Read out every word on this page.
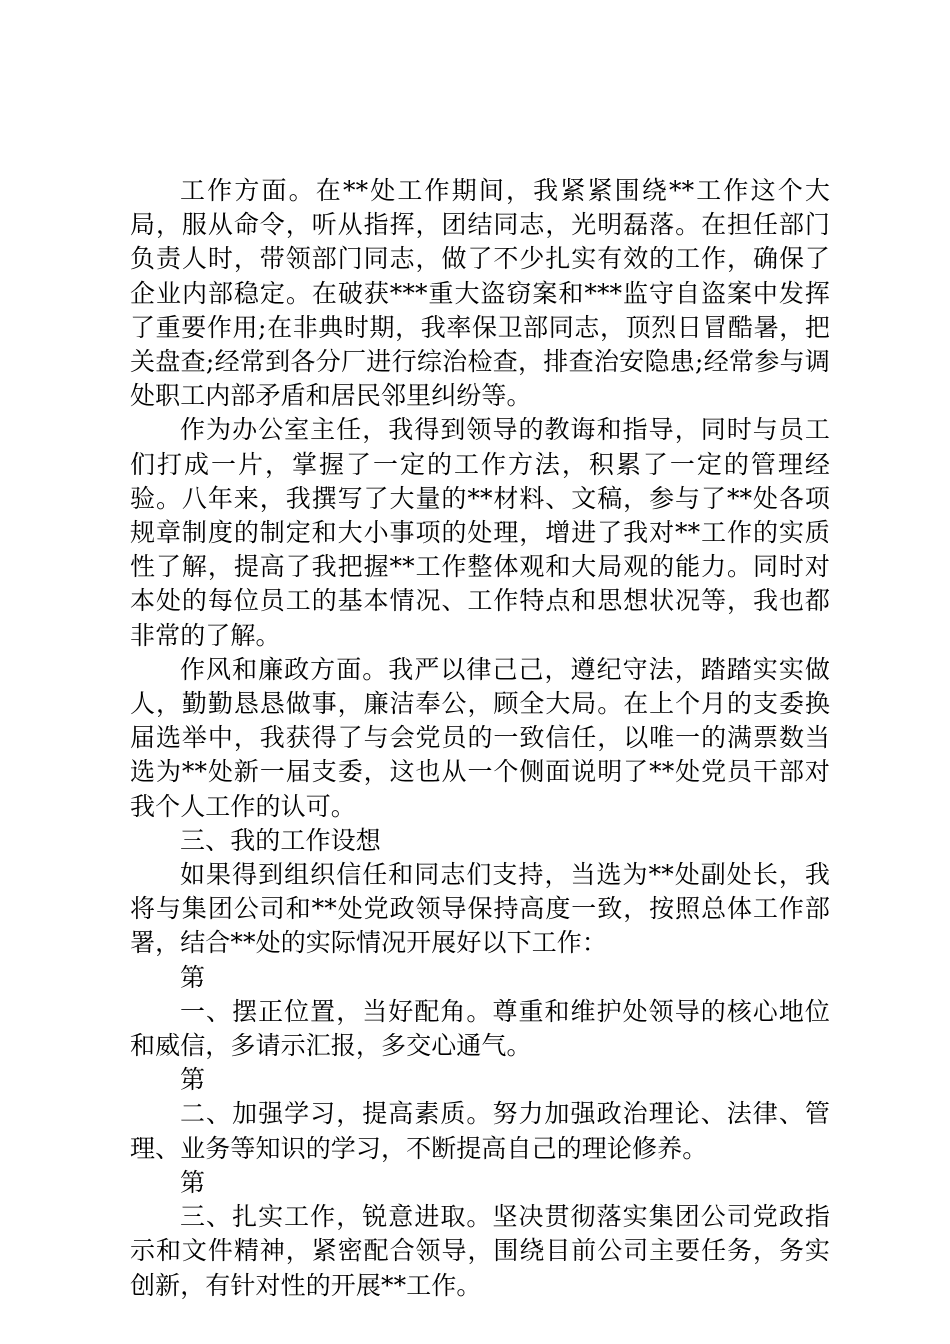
工作方面。在**处工作期间，我紧紧围绕**工作这个大局，服从命令，听从指挥，团结同志，光明磊落。在担任部门负责人时，带领部门同志，做了不少扎实有效的工作，确保了企业内部稳定。在破获***重大盗窃案和***监守自盗案中发挥了重要作用;在非典时期，我率保卫部同志，顶烈日冒酷暑，把关盘查;经常到各分厂进行综治检查，排查治安隐患;经常参与调处职工内部矛盾和居民邻里纠纷等。

作为办公室主任，我得到领导的教诲和指导，同时与员工们打成一片，掌握了一定的工作方法，积累了一定的管理经验。八年来，我撰写了大量的**材料、文稿，参与了**处各项规章制度的制定和大小事项的处理，增进了我对**工作的实质性了解，提高了我把握**工作整体观和大局观的能力。同时对本处的每位员工的基本情况、工作特点和思想状况等，我也都非常的了解。

作风和廉政方面。我严以律己己，遵纪守法，踏踏实实做人，勤勤恳恳做事，廉洁奉公，顾全大局。在上个月的支委换届选举中，我获得了与会党员的一致信任，以唯一的满票数当选为**处新一届支委，这也从一个侧面说明了**处党员干部对我个人工作的认可。

三、我的工作设想

如果得到组织信任和同志们支持，当选为**处副处长，我将与集团公司和**处党政领导保持高度一致，按照总体工作部署，结合**处的实际情况开展好以下工作：

第

一、摆正位置，当好配角。尊重和维护处领导的核心地位和威信，多请示汇报，多交心通气。

第

二、加强学习，提高素质。努力加强政治理论、法律、管理、业务等知识的学习，不断提高自己的理论修养。

第

三、扎实工作，锐意进取。坚决贯彻落实集团公司党政指示和文件精神，紧密配合领导，围绕目前公司主要任务，务实创新，有针对性的开展**工作。
